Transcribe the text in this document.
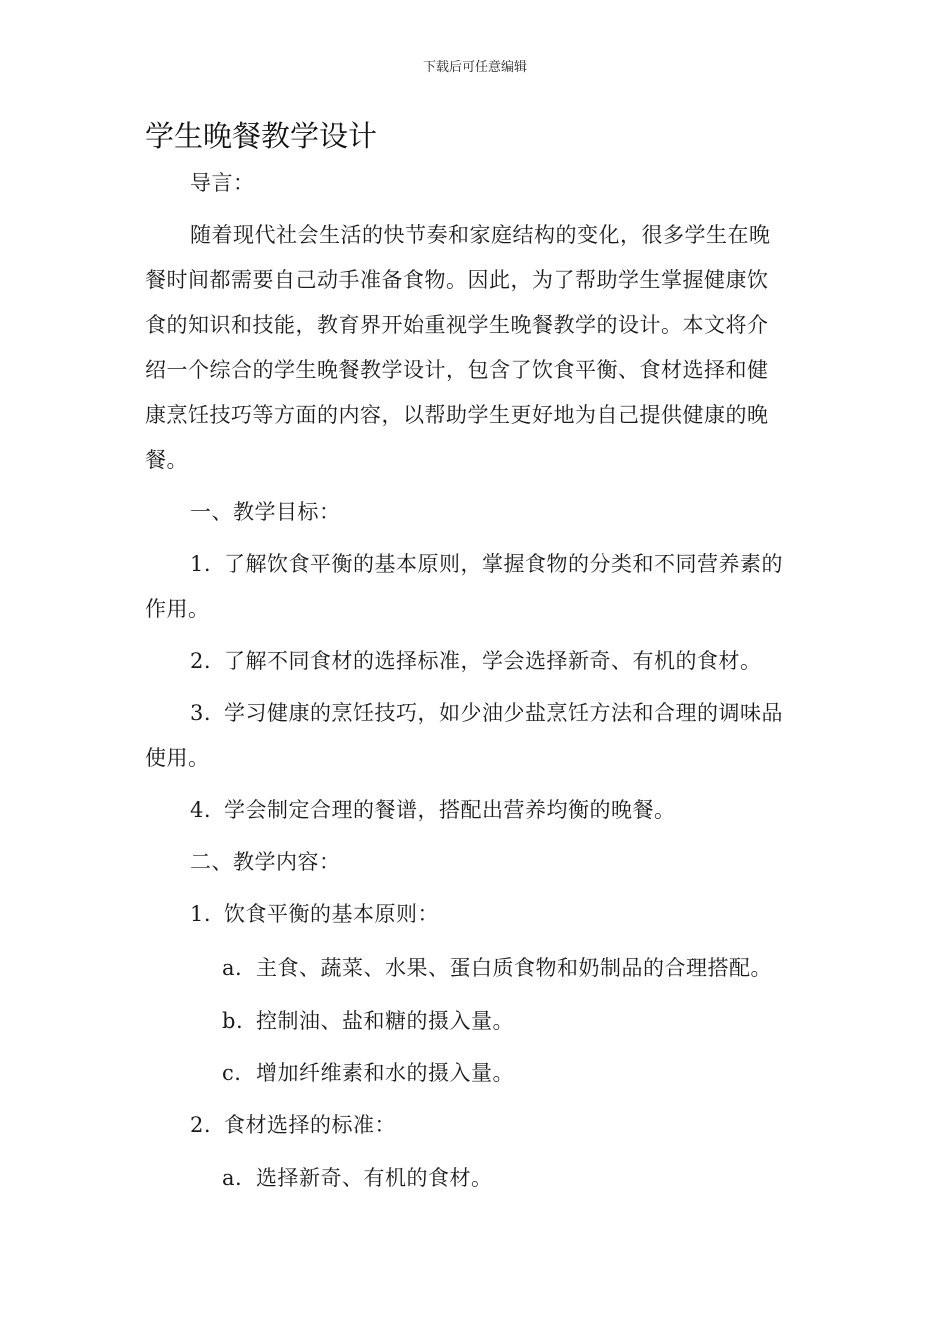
下载后可任意编辑
学生晚餐教学设计
导言：
随着现代社会生活的快节奏和家庭结构的变化，很多学生在晚
餐时间都需要自己动手准备食物。因此，为了帮助学生掌握健康饮
食的知识和技能，教育界开始重视学生晚餐教学的设计。本文将介
绍一个综合的学生晚餐教学设计，包含了饮食平衡、食材选择和健
康烹饪技巧等方面的内容，以帮助学生更好地为自己提供健康的晚
餐。
一、教学目标：
1. 了解饮食平衡的基本原则，掌握食物的分类和不同营养素的
作用。
2. 了解不同食材的选择标准，学会选择新奇、有机的食材。
3. 学习健康的烹饪技巧，如少油少盐烹饪方法和合理的调味品
使用。
4. 学会制定合理的餐谱，搭配出营养均衡的晚餐。
二、教学内容：
1. 饮食平衡的基本原则：
a. 主食、蔬菜、水果、蛋白质食物和奶制品的合理搭配。
b. 控制油、盐和糖的摄入量。
c. 增加纤维素和水的摄入量。
2. 食材选择的标准：
a. 选择新奇、有机的食材。
